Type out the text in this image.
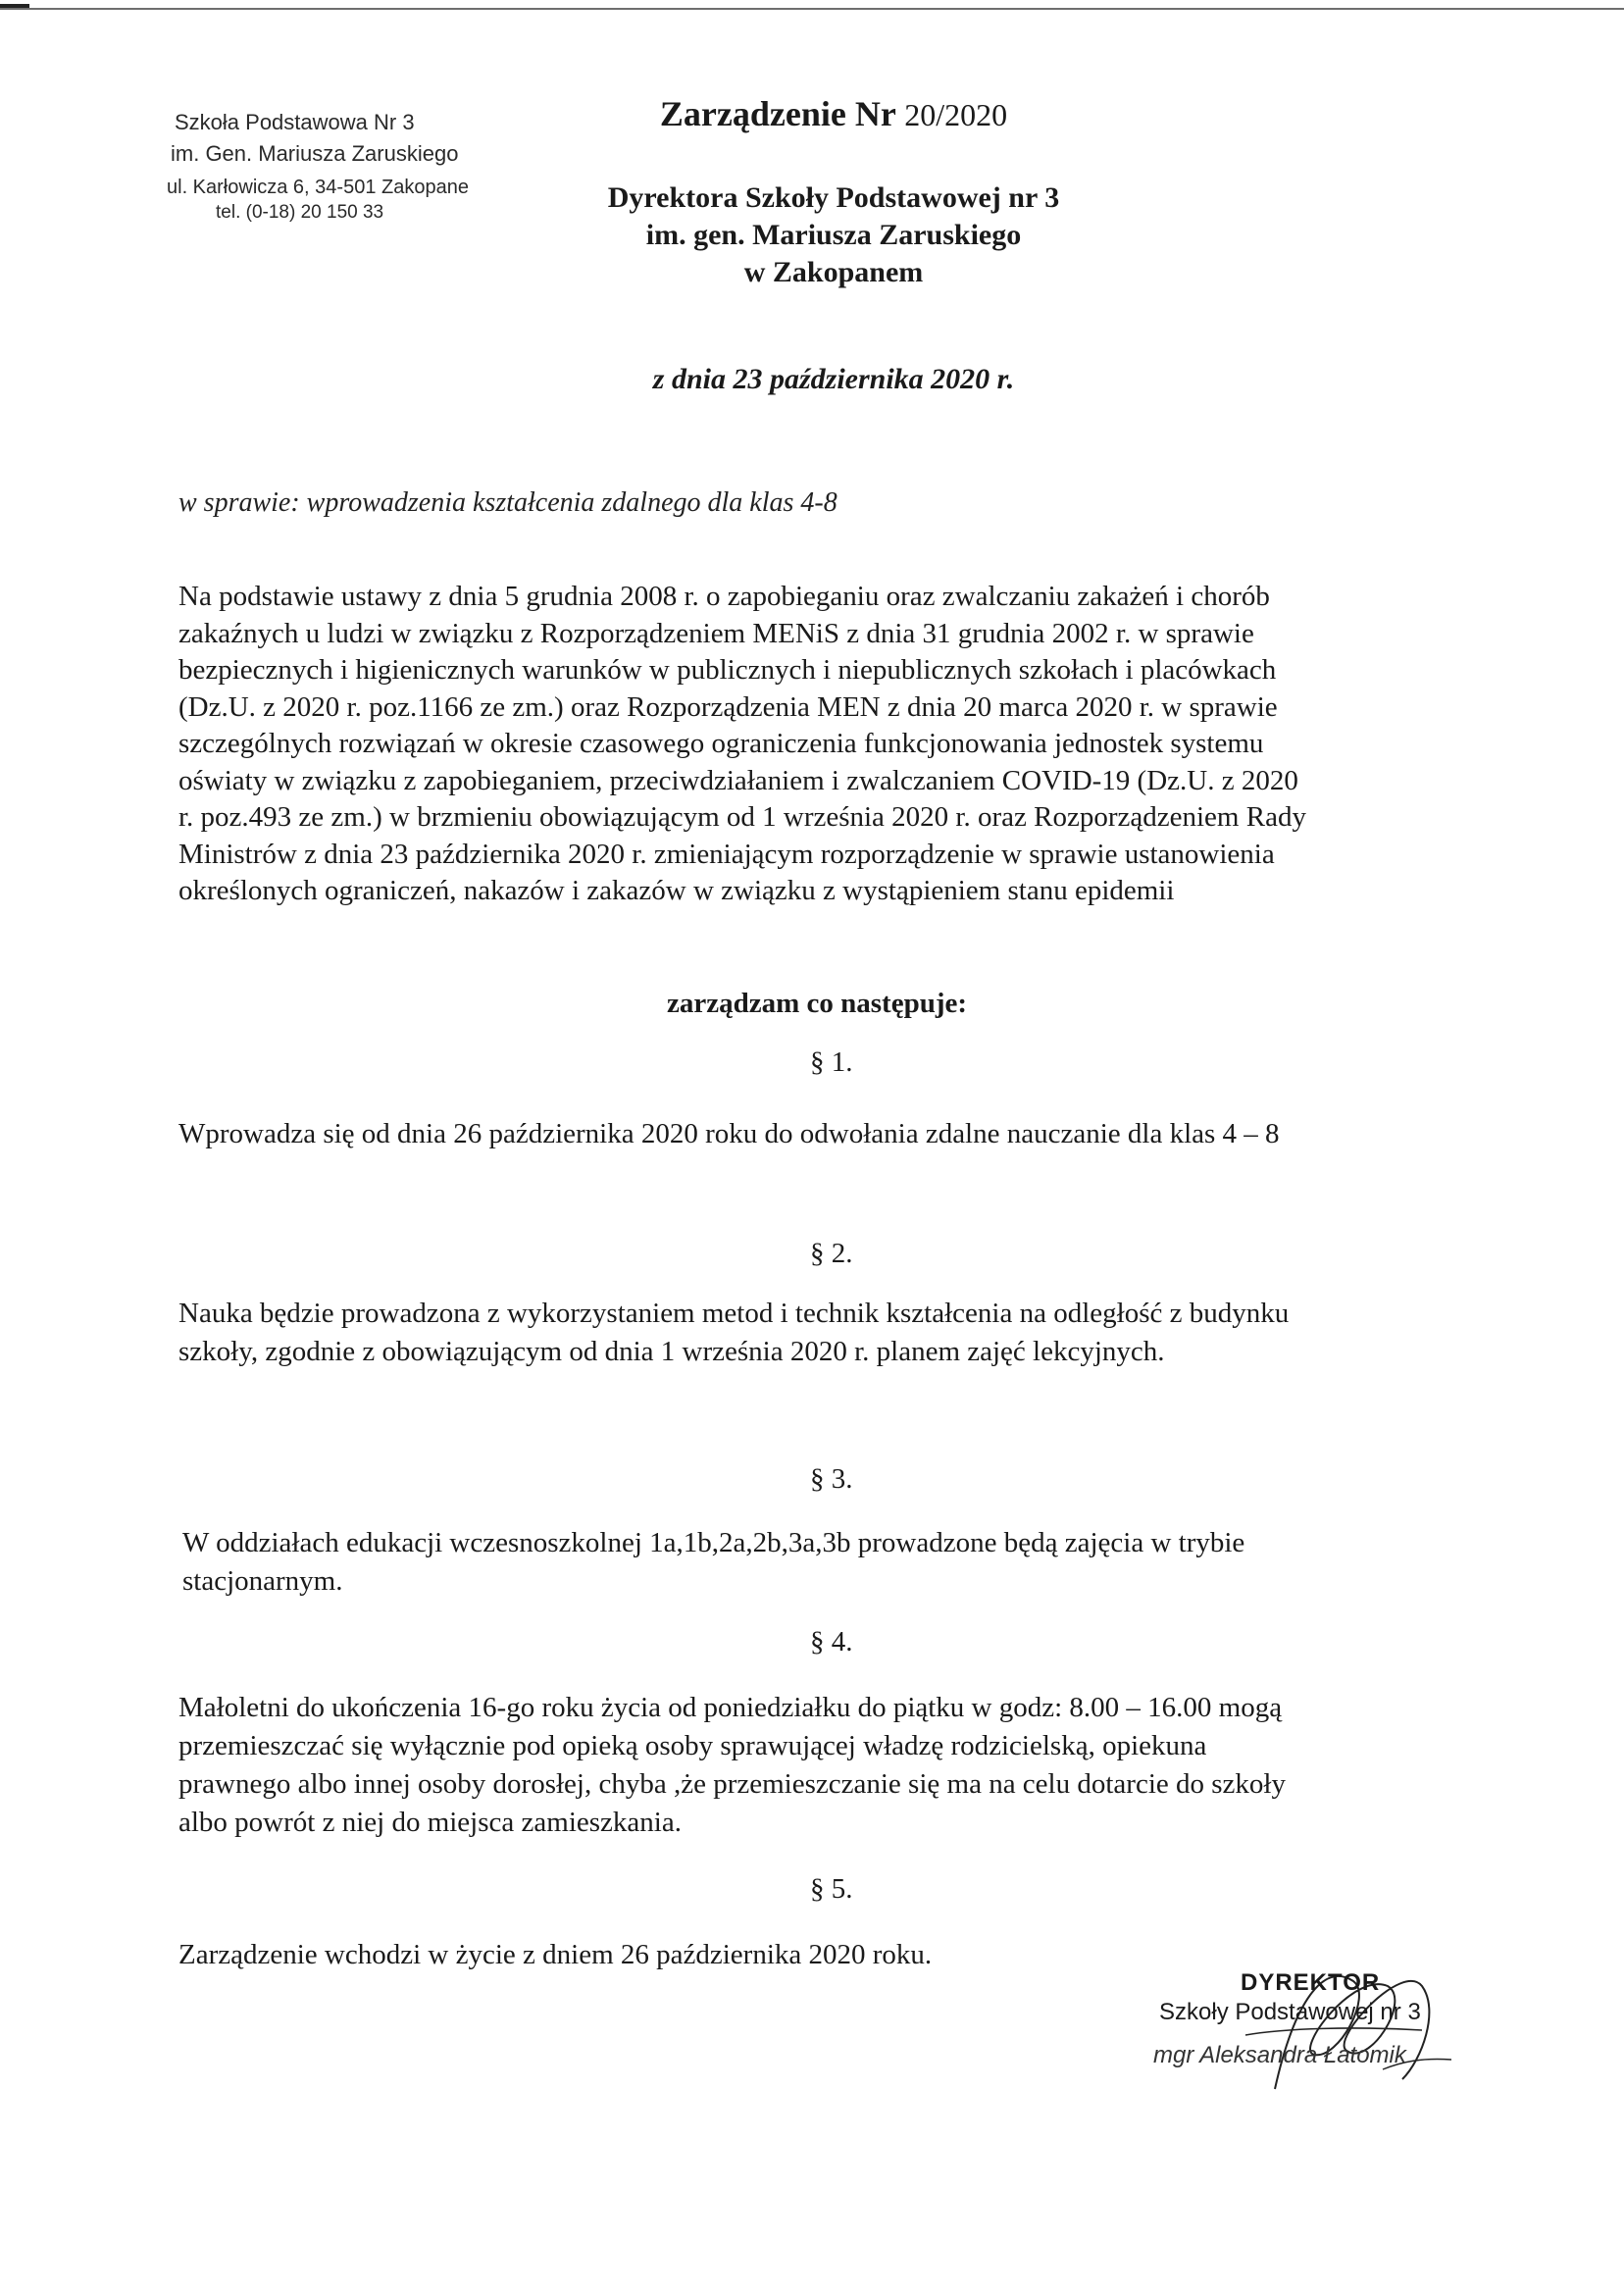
Szkoła Podstawowa Nr 3
im. Gen. Mariusza Zaruskiego
ul. Karłowicza 6, 34-501 Zakopane
tel. (0-18) 20 150 33
Zarządzenie Nr 20/2020
Dyrektora Szkoły Podstawowej nr 3
im. gen. Mariusza Zaruskiego
w Zakopanem
z dnia 23 października 2020 r.
w sprawie: wprowadzenia kształcenia zdalnego dla klas 4-8

Na podstawie ustawy z dnia 5 grudnia 2008 r. o zapobieganiu oraz zwalczaniu zakażeń i chorób

zakaźnych u ludzi w związku z Rozporządzeniem MENiS z dnia 31 grudnia 2002 r. w sprawie

bezpiecznych i higienicznych warunków w publicznych i niepublicznych szkołach i placówkach

(Dz.U. z 2020 r. poz.1166 ze zm.) oraz Rozporządzenia MEN z dnia 20 marca 2020 r. w sprawie

szczególnych rozwiązań w okresie czasowego ograniczenia funkcjonowania jednostek systemu

oświaty w związku z zapobieganiem, przeciwdziałaniem i zwalczaniem COVID-19 (Dz.U. z 2020

r. poz.493 ze zm.) w brzmieniu obowiązującym od 1 września 2020 r. oraz Rozporządzeniem Rady

Ministrów z dnia 23 października 2020 r. zmieniającym rozporządzenie w sprawie ustanowienia

określonych ograniczeń, nakazów i zakazów w związku z wystąpieniem stanu epidemii

zarządzam co następuje:
§ 1.

Wprowadza się od dnia 26 października 2020 roku do odwołania zdalne nauczanie dla klas 4 – 8

§ 2.

Nauka będzie prowadzona z wykorzystaniem metod i technik kształcenia na odległość z budynku

szkoły, zgodnie z obowiązującym od dnia 1 września 2020 r. planem zajęć lekcyjnych.

§ 3.

W oddziałach edukacji wczesnoszkolnej 1a,1b,2a,2b,3a,3b prowadzone będą zajęcia w trybie

stacjonarnym.

§ 4.

Małoletni do ukończenia 16-go roku życia od poniedziałku do piątku w godz: 8.00 – 16.00 mogą

przemieszczać się wyłącznie pod opieką osoby sprawującej władzę rodzicielską, opiekuna

prawnego albo innej osoby dorosłej, chyba ,że przemieszczanie się ma na celu dotarcie do szkoły

albo powrót z niej do miejsca zamieszkania.

§ 5.

Zarządzenie wchodzi w życie z dniem 26 października 2020 roku.

DYREKTOR
Szkoły Podstawowej nr 3
mgr Aleksandra Łatomik
